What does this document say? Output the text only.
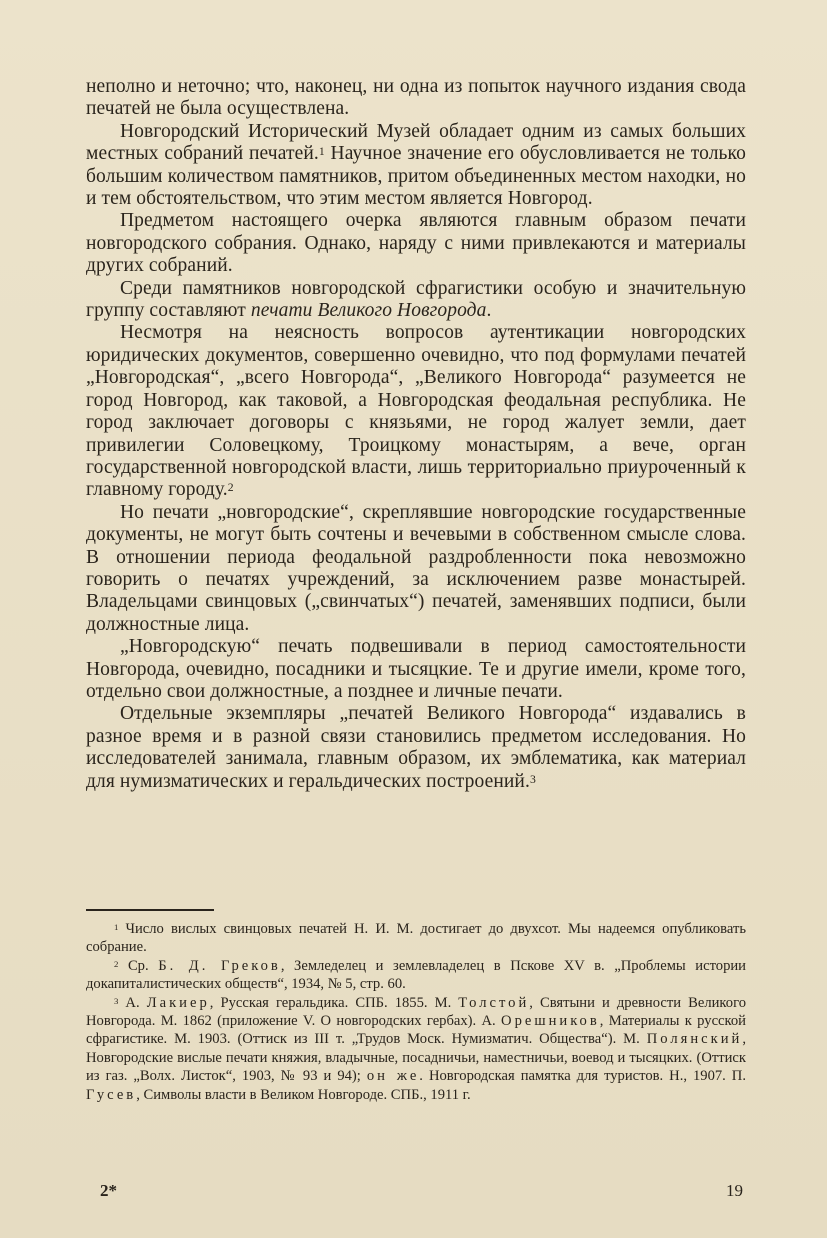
неполно и неточно; что, наконец, ни одна из попыток научного издания свода печатей не была осуществлена.

Новгородский Исторический Музей обладает одним из самых больших местных собраний печатей.$^1$ Научное значение его обусловливается не только большим количеством памятников, притом объединенных местом находки, но и тем обстоятельством, что этим местом является Новгород.

Предметом настоящего очерка являются главным образом печати новгородского собрания. Однако, наряду с ними привлекаются и материалы других собраний.

Среди памятников новгородской сфрагистики особую и значительную группу составляют печати Великого Новгорода.

Несмотря на неясность вопросов аутентикации новгородских юридических документов, совершенно очевидно, что под формулами печатей „Новгородская“, „всего Новгорода“, „Великого Новгорода“ разумеется не город Новгород, как таковой, а Новгородская феодальная республика. Не город заключает договоры с князьями, не город жалует земли, дает привилегии Соловецкому, Троицкому монастырям, а вече, орган государственной новгородской власти, лишь территориально приуроченный к главному городу.$^2$

Но печати „новгородские“, скреплявшие новгородские государственные документы, не могут быть сочтены и вечевыми в собственном смысле слова. В отношении периода феодальной раздробленности пока невозможно говорить о печатях учреждений, за исключением разве монастырей. Владельцами свинцовых („свинчатых“) печатей, заменявших подписи, были должностные лица.

„Новгородскую“ печать подвешивали в период самостоятельности Новгорода, очевидно, посадники и тысяцкие. Те и другие имели, кроме того, отдельно свои должностные, а позднее и личные печати.

Отдельные экземпляры „печатей Великого Новгорода“ издавались в разное время и в разной связи становились предметом исследования. Но исследователей занимала, главным образом, их эмблематика, как материал для нумизматических и геральдических построений.$^3$

$^1$ Число вислых свинцовых печатей Н. И. М. достигает до двухсот. Мы надеемся опубликовать собрание.

$^2$ Ср. Б. Д. Греков, Земледелец и землевладелец в Пскове XV в. „Проблемы истории докапиталистических обществ“, 1934, № 5, стр. 60.

$^3$ А. Лакиер, Русская геральдика. СПБ. 1855. М. Толстой, Святыни и древности Великого Новгорода. М. 1862 (приложение V. О новгородских гербах). А. Орешников, Материалы к русской сфрагистике. М. 1903. (Оттиск из III т. „Трудов Моск. Нумизматич. Общества“). М. Полянский, Новгородские вислые печати княжия, владычные, посадничьи, наместничьи, воевод и тысяцких. (Оттиск из газ. „Волх. Листок“, 1903, № 93 и 94); он же. Новгородская памятка для туристов. Н., 1907. П. Гусев, Символы власти в Великом Новгороде. СПБ., 1911 г.

2*	19
